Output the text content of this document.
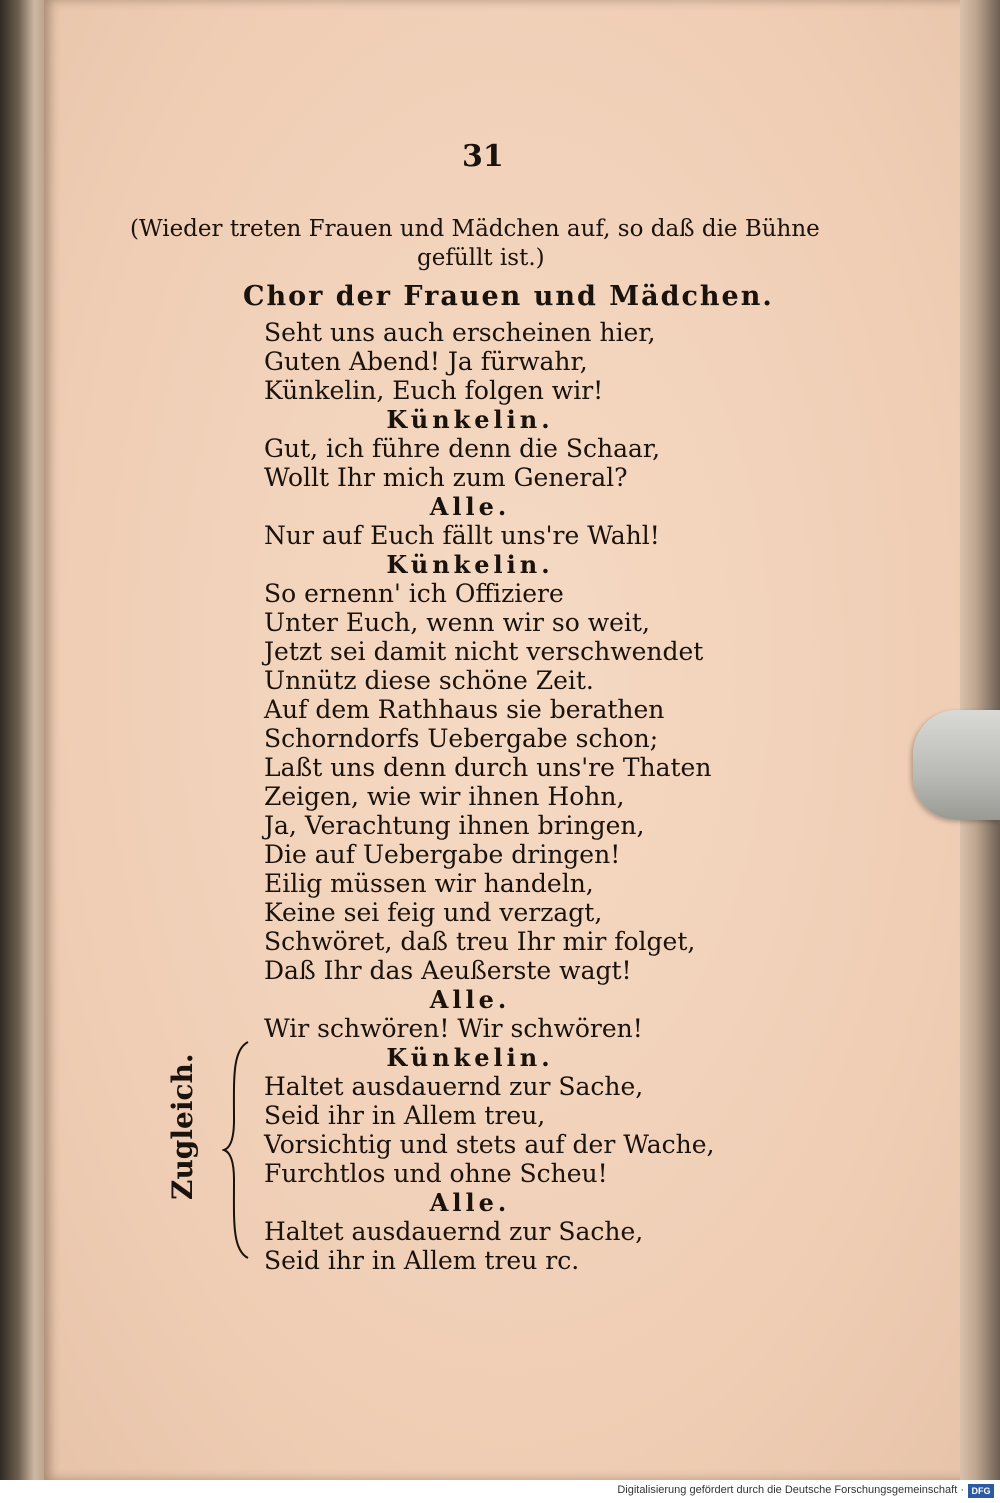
31
(Wieder treten Frauen und Mädchen auf, so daß die Bühne
gefüllt ist.)
Chor der Frauen und Mädchen.
Seht uns auch erscheinen hier,
Guten Abend! Ja fürwahr,
Künkelin, Euch folgen wir!
Künkelin.
Gut, ich führe denn die Schaar,
Wollt Ihr mich zum General?
Alle.
Nur auf Euch fällt uns're Wahl!
Künkelin.
So ernenn' ich Offiziere
Unter Euch, wenn wir so weit,
Jetzt sei damit nicht verschwendet
Unnütz diese schöne Zeit.
Auf dem Rathhaus sie berathen
Schorndorfs Uebergabe schon;
Laßt uns denn durch uns're Thaten
Zeigen, wie wir ihnen Hohn,
Ja, Verachtung ihnen bringen,
Die auf Uebergabe dringen!
Eilig müssen wir handeln,
Keine sei feig und verzagt,
Schwöret, daß treu Ihr mir folget,
Daß Ihr das Aeußerste wagt!
Alle.
Wir schwören! Wir schwören!
Künkelin.
Haltet ausdauernd zur Sache,
Seid ihr in Allem treu,
Vorsichtig und stets auf der Wache,
Furchtlos und ohne Scheu!
Alle.
Haltet ausdauernd zur Sache,
Seid ihr in Allem treu rc.
Zugleich.
Digitalisierung gefördert durch die Deutsche Forschungsgemeinschaft · DFG
